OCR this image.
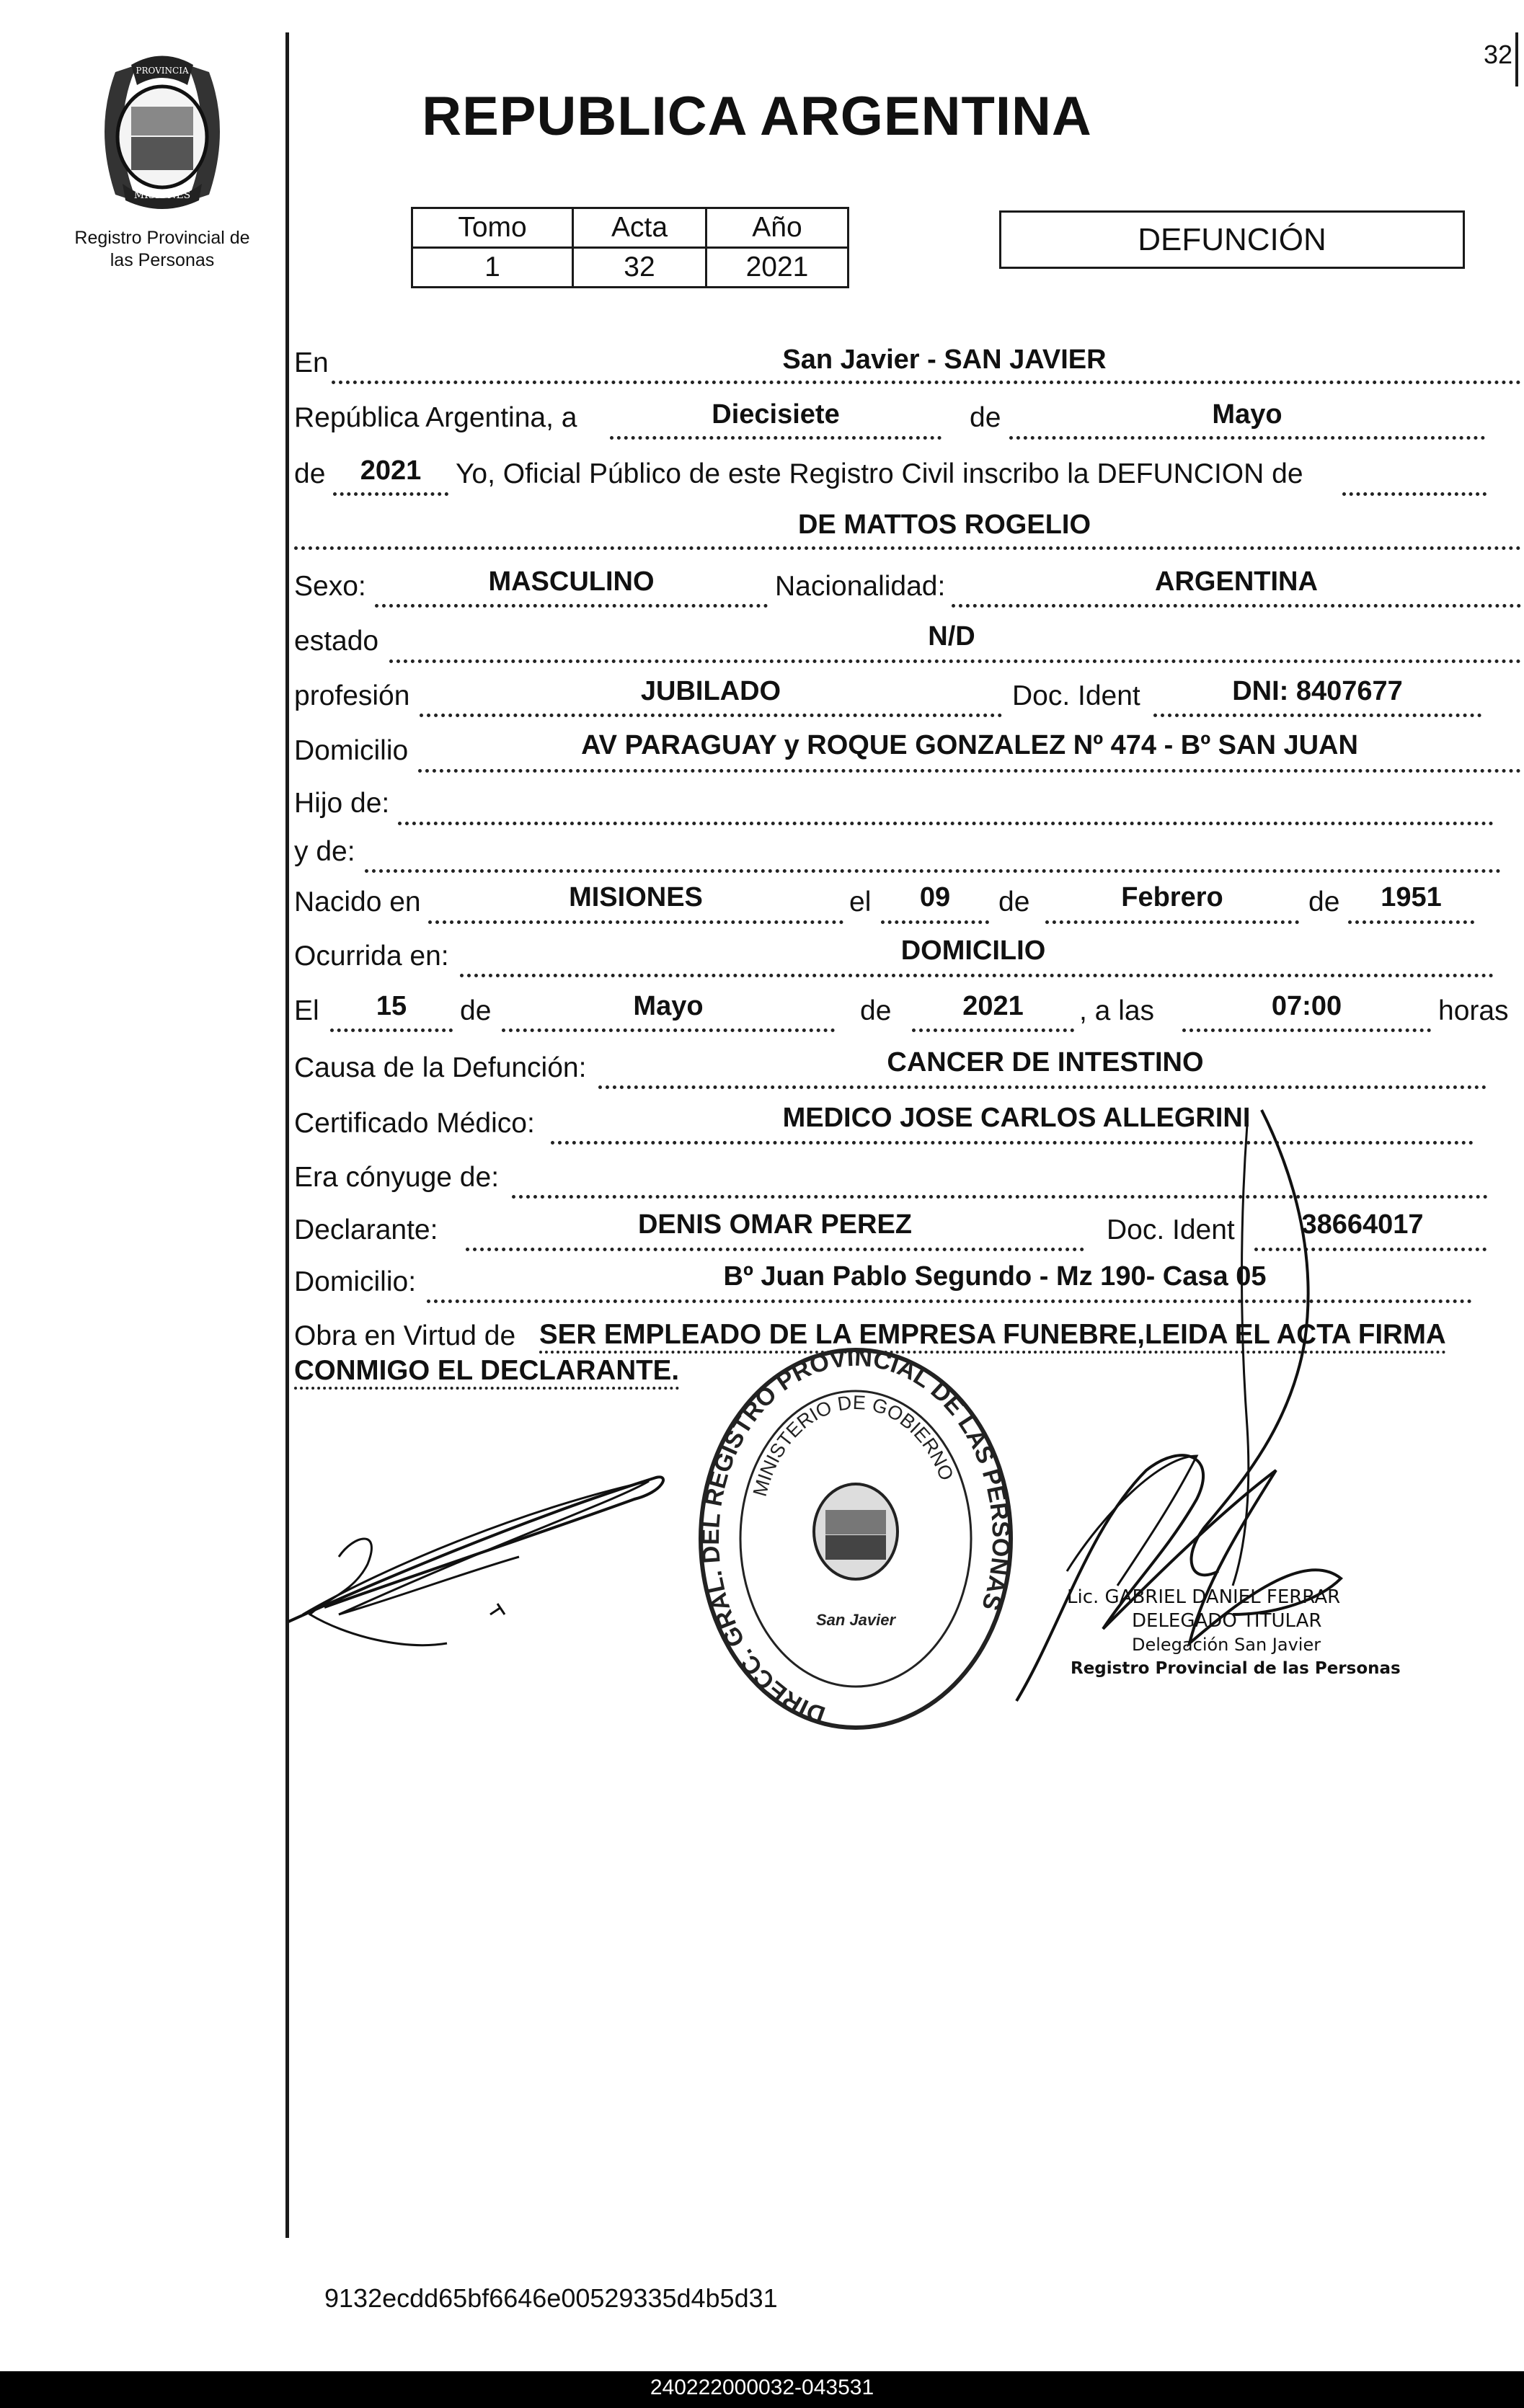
32
PROVINCIA
MISIONES
Registro Provincial de
las Personas
REPUBLICA ARGENTINA
Tomo	Acta	Año
1	32	2021
DEFUNCIÓN
En	San Javier - SAN JAVIER
República Argentina, a	Diecisiete	de	Mayo
de	2021	Yo, Oficial Público de este Registro Civil inscribo la DEFUNCION de
DE MATTOS ROGELIO
Sexo:	MASCULINO	Nacionalidad:	ARGENTINA
estado	N/D
profesión	JUBILADO	Doc. Ident	DNI: 8407677
Domicilio	AV PARAGUAY y ROQUE GONZALEZ Nº 474 - Bº SAN JUAN
Hijo de:
y de:
Nacido en	MISIONES	el	09	de	Febrero	de	1951
Ocurrida en:	DOMICILIO
El	15	de	Mayo	de	2021	, a las	07:00	horas
Causa de la Defunción:	CANCER DE INTESTINO
Certificado Médico:	MEDICO JOSE CARLOS ALLEGRINI
Era cónyuge de:
Declarante:	DENIS OMAR PEREZ	Doc. Ident	38664017
Domicilio:	Bº Juan Pablo Segundo - Mz 190- Casa 05
Obra en Virtud de SER EMPLEADO DE LA EMPRESA FUNEBRE,LEIDA EL ACTA FIRMA
CONMIGO EL DECLARANTE.
DIRECC. GRAL. DEL REGISTRO PROVINCIAL DE LAS PERSONAS
MINISTERIO DE GOBIERNO
San Javier
Lic. GABRIEL DANIEL FERRAR
DELEGADO TITULAR
Delegación San Javier
Registro Provincial de las Personas
9132ecdd65bf6646e00529335d4b5d31
240222000032-043531
